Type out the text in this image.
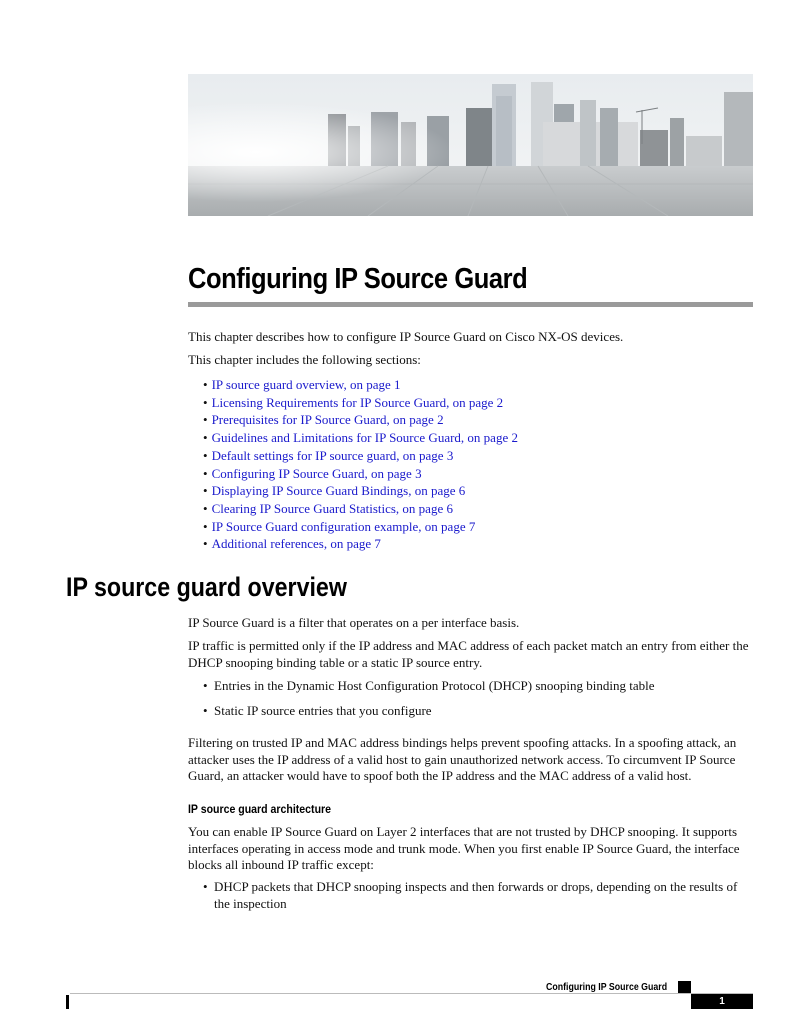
Configuring IP Source Guard

This chapter describes how to configure IP Source Guard on Cisco NX-OS devices.

This chapter includes the following sections:

• IP source guard overview, on page 1
• Licensing Requirements for IP Source Guard, on page 2
• Prerequisites for IP Source Guard, on page 2
• Guidelines and Limitations for IP Source Guard, on page 2
• Default settings for IP source guard, on page 3
• Configuring IP Source Guard, on page 3
• Displaying IP Source Guard Bindings, on page 6
• Clearing IP Source Guard Statistics, on page 6
• IP Source Guard configuration example, on page 7
• Additional references, on page 7
IP source guard overview

IP Source Guard is a filter that operates on a per interface basis.

IP traffic is permitted only if the IP address and MAC address of each packet match an entry from either the DHCP snooping binding table or a static IP source entry.

• Entries in the Dynamic Host Configuration Protocol (DHCP) snooping binding table

• Static IP source entries that you configure

Filtering on trusted IP and MAC address bindings helps prevent spoofing attacks. In a spoofing attack, an attacker uses the IP address of a valid host to gain unauthorized network access. To circumvent IP Source Guard, an attacker would have to spoof both the IP address and the MAC address of a valid host.

IP source guard architecture

You can enable IP Source Guard on Layer 2 interfaces that are not trusted by DHCP snooping. It supports interfaces operating in access mode and trunk mode. When you first enable IP Source Guard, the interface blocks all inbound IP traffic except:

• DHCP packets that DHCP snooping inspects and then forwards or drops, depending on the results of the inspection

Configuring IP Source Guard
1
